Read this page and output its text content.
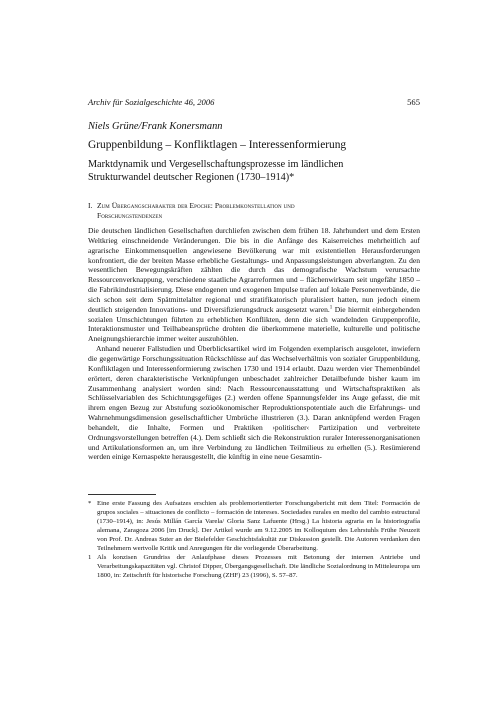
Archiv für Sozialgeschichte 46, 2006	565
Niels Grüne/Frank Konersmann
Gruppenbildung – Konfliktlagen – Interessenformierung
Marktdynamik und Vergesellschaftungsprozesse im ländlichen
Strukturwandel deutscher Regionen (1730–1914)*
I. Zum Übergangscharakter der Epoche: Problemkonstellation und
Forschungstendenzen

Die deutschen ländlichen Gesellschaften durchliefen zwischen dem frühen 18. Jahrhundert und dem Ersten Weltkrieg einschneidende Veränderungen. Die bis in die Anfänge des Kaiserreiches mehrheitlich auf agrarische Einkommensquellen angewiesene Bevölkerung war mit existentiellen Herausforderungen konfrontiert, die der breiten Masse erhebliche Gestaltungs- und Anpassungsleistungen abverlangten. Zu den wesentlichen Bewegungskräften zählten die durch das demografische Wachstum verursachte Ressourcenverknappung, verschiedene staatliche Agrarreformen und – flächenwirksam seit ungefähr 1850 – die Fabrikindustrialisierung. Diese endogenen und exogenen Impulse trafen auf lokale Personenverbände, die sich schon seit dem Spätmittelalter regional und stratifikatorisch pluralisiert hatten, nun jedoch einem deutlich steigenden Innovations- und Diversifizierungsdruck ausgesetzt waren.$^1$ Die hiermit einhergehenden sozialen Umschichtungen führten zu erheblichen Konflikten, denn die sich wandelnden Gruppenprofile, Interaktionsmuster und Teilhabeansprüche drohten die überkommene materielle, kulturelle und politische Aneignungshierarchie immer weiter auszuhöhlen.

Anhand neuerer Fallstudien und Überblicksartikel wird im Folgenden exemplarisch ausgelotet, inwiefern die gegenwärtige Forschungssituation Rückschlüsse auf das Wechselverhältnis von sozialer Gruppenbildung, Konfliktlagen und Interessenformierung zwischen 1730 und 1914 erlaubt. Dazu werden vier Themenbündel erörtert, deren charakteristische Verknüpfungen unbeschadet zahlreicher Detailbefunde bisher kaum im Zusammenhang analysiert worden sind: Nach Ressourcenausstattung und Wirtschaftspraktiken als Schlüsselvariablen des Schichtungsgefüges (2.) werden offene Spannungsfelder ins Auge gefasst, die mit ihrem engen Bezug zur Abstufung sozioökonomischer Reproduktionspotentiale auch die Erfahrungs- und Wahrnehmungsdimension gesellschaftlicher Umbrüche illustrieren (3.). Daran anknüpfend werden Fragen behandelt, die Inhalte, Formen und Praktiken ›politischer‹ Partizipation und verbreitete Ordnungsvorstellungen betreffen (4.). Dem schließt sich die Rekonstruktion ruraler Interessenorganisationen und Artikulationsformen an, um ihre Verbindung zu ländlichen Teilmilieus zu erhellen (5.). Resümierend werden einige Kernaspekte herausgestellt, die künftig in eine neue Gesamtin-

* Eine erste Fassung des Aufsatzes erschien als problemorientierter Forschungsbericht mit dem Titel: Formación de grupos sociales – situaciones de conflicto – formación de intereses. Sociedades rurales en medio del cambio estructural (1730–1914), in: Jesús Millán García Varela/ Gloria Sanz Lafuente (Hrsg.) La historia agraria en la historiografía alemana, Zaragoza 2006 [im Druck]. Der Artikel wurde am 9.12.2005 im Kolloquium des Lehrstuhls Frühe Neuzeit von Prof. Dr. Andreas Suter an der Bielefelder Geschichtsfakultät zur Diskussion gestellt. Die Autoren verdanken den Teilnehmern wertvolle Kritik und Anregungen für die vorliegende Überarbeitung.

1 Als konzisen Grundriss der Anlaufphase dieses Prozesses mit Betonung der internen Antriebe und Verarbeitungskapazitäten vgl. Christof Dipper, Übergangsgesellschaft. Die ländliche Sozialordnung in Mitteleuropa um 1800, in: Zeitschrift für historische Forschung (ZHF) 23 (1996), S. 57–87.
